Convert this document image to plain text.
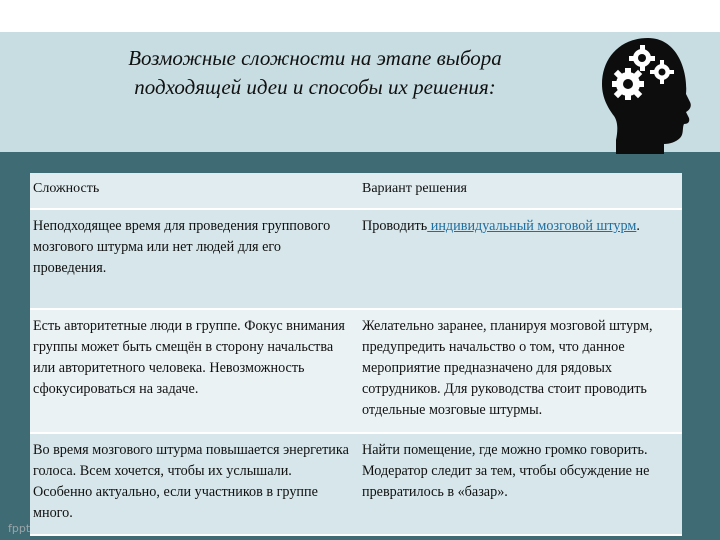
Возможные сложности на этапе выбора
подходящей идеи и способы их решения:
Сложность	Вариант решения
Неподходящее время для проведения группового мозгового штурма или нет людей для его проведения.	Проводить индивидуальный мозговой штурм.
Есть авторитетные люди в группе. Фокус внимания группы может быть смещён в сторону начальства или авторитетного человека. Невозможность сфокусироваться на задаче.	Желательно заранее, планируя мозговой штурм, предупредить начальство о том, что данное мероприятие предназначено для рядовых сотрудников. Для руководства стоит проводить отдельные мозговые штурмы.
Во время мозгового штурма повышается энергетика голоса. Всем хочется, чтобы их услышали. Особенно актуально, если участников в группе много.	Найти помещение, где можно громко говорить. Модератор следит за тем, чтобы обсуждение не превратилось в «базар».
fppt
